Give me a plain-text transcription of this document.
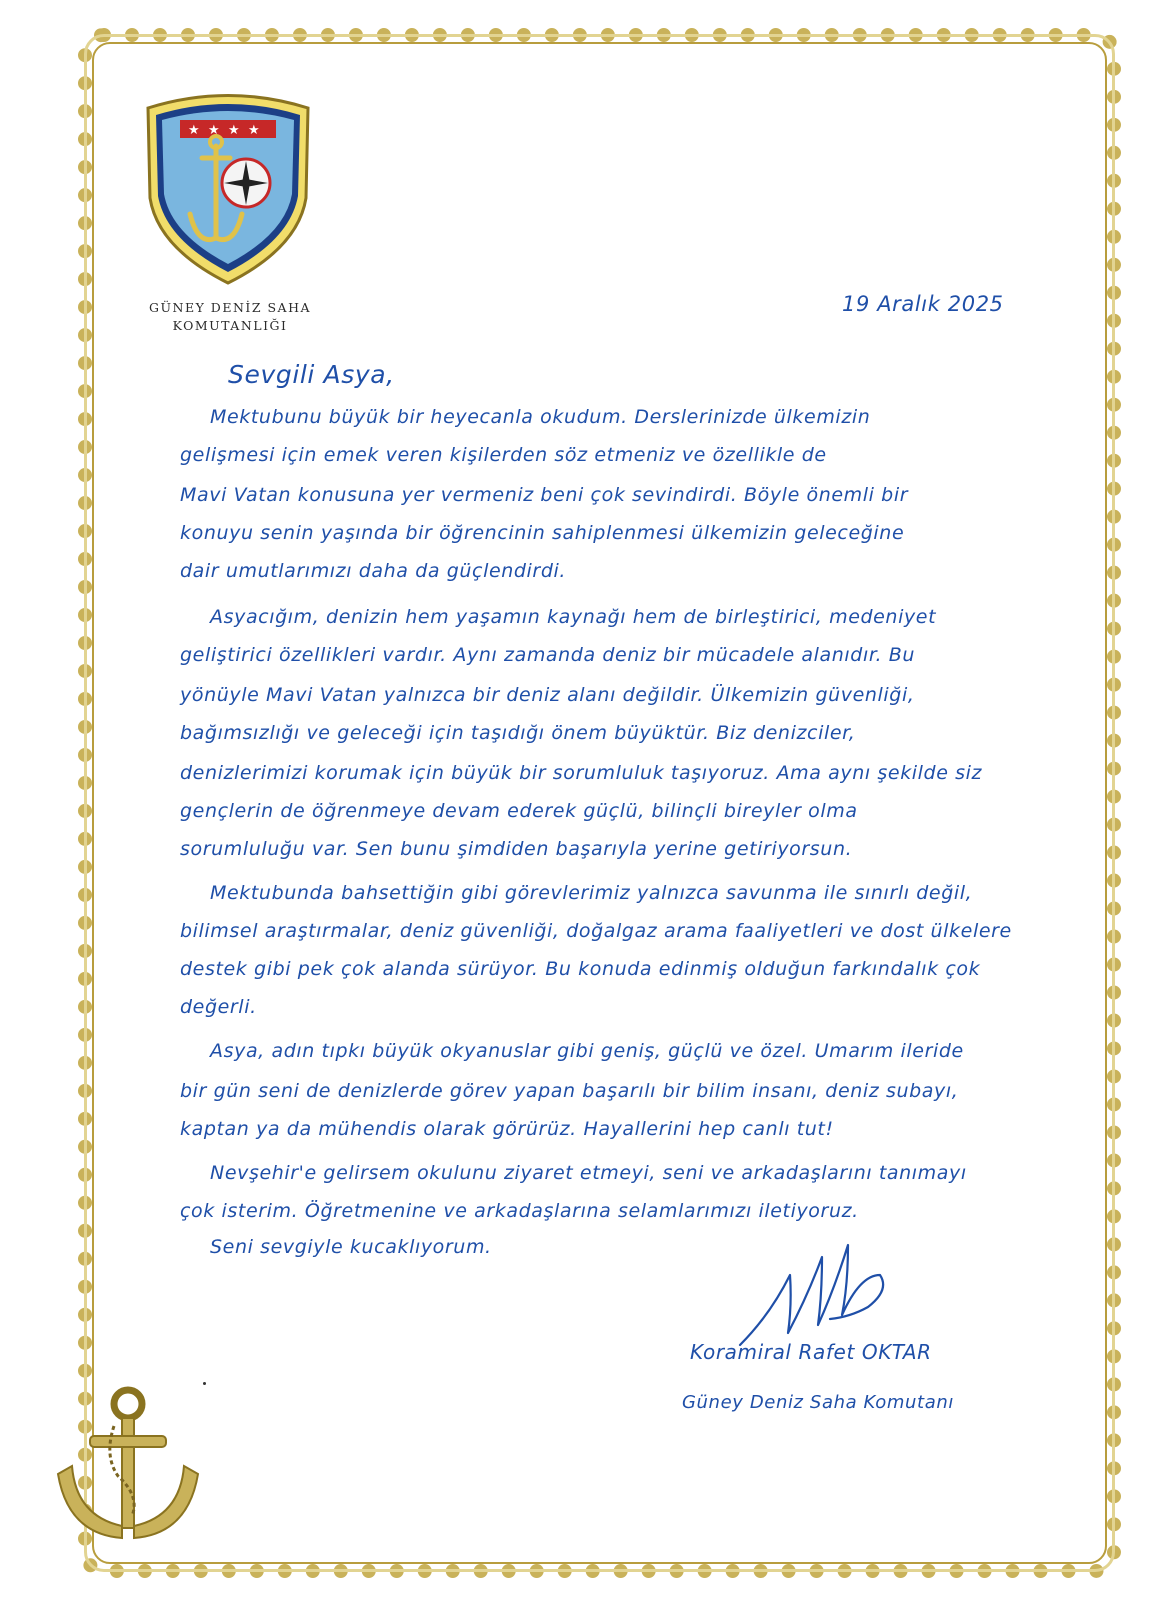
★ ★ ★ ★
GÜNEY DENİZ SAHA
KOMUTANLIĞI
19 Aralık 2025
Sevgili Asya,
Mektubunu büyük bir heyecanla okudum. Derslerinizde ülkemizin
gelişmesi için emek veren kişilerden söz etmeniz ve özellikle de
Mavi Vatan konusuna yer vermeniz beni çok sevindirdi. Böyle önemli bir
konuyu senin yaşında bir öğrencinin sahiplenmesi ülkemizin geleceğine
dair umutlarımızı daha da güçlendirdi.
Asyacığım, denizin hem yaşamın kaynağı hem de birleştirici, medeniyet
geliştirici özellikleri vardır. Aynı zamanda deniz bir mücadele alanıdır. Bu
yönüyle Mavi Vatan yalnızca bir deniz alanı değildir. Ülkemizin güvenliği,
bağımsızlığı ve geleceği için taşıdığı önem büyüktür. Biz denizciler,
denizlerimizi korumak için büyük bir sorumluluk taşıyoruz. Ama aynı şekilde siz
gençlerin de öğrenmeye devam ederek güçlü, bilinçli bireyler olma
sorumluluğu var. Sen bunu şimdiden başarıyla yerine getiriyorsun.
Mektubunda bahsettiğin gibi görevlerimiz yalnızca savunma ile sınırlı değil,
bilimsel araştırmalar, deniz güvenliği, doğalgaz arama faaliyetleri ve dost ülkelere
destek gibi pek çok alanda sürüyor. Bu konuda edinmiş olduğun farkındalık çok
değerli.
Asya, adın tıpkı büyük okyanuslar gibi geniş, güçlü ve özel. Umarım ileride
bir gün seni de denizlerde görev yapan başarılı bir bilim insanı, deniz subayı,
kaptan ya da mühendis olarak görürüz. Hayallerini hep canlı tut!
Nevşehir'e gelirsem okulunu ziyaret etmeyi, seni ve arkadaşlarını tanımayı
çok isterim. Öğretmenine ve arkadaşlarına selamlarımızı iletiyoruz.
Seni sevgiyle kucaklıyorum.
Koramiral Rafet OKTAR
Güney Deniz Saha Komutanı
